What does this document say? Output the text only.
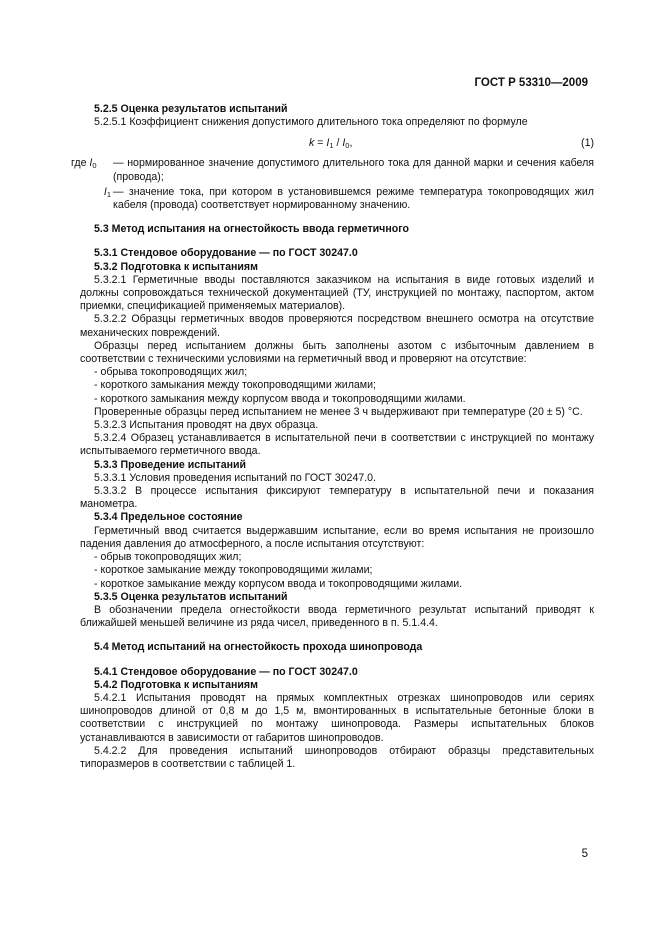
ГОСТ Р 53310—2009

5.2.5 Оценка результатов испытаний

5.2.5.1 Коэффициент снижения допустимого длительного тока определяют по формуле

$k = I_1 / I_0$,	(1)
где $I_0$	— нормированное значение допустимого длительного тока для данной марки и сечения кабеля (провода);
$I_1$ — значение тока, при котором в установившемся режиме температура токопроводящих жил кабеля (провода) соответствует нормированному значению.

5.3 Метод испытания на огнестойкость ввода герметичного

5.3.1 Стендовое оборудование — по ГОСТ 30247.0

5.3.2 Подготовка к испытаниям

5.3.2.1 Герметичные вводы поставляются заказчиком на испытания в виде готовых изделий и должны сопровождаться технической документацией (ТУ, инструкцией по монтажу, паспортом, актом приемки, спецификацией применяемых материалов).

5.3.2.2 Образцы герметичных вводов проверяются посредством внешнего осмотра на отсутствие механических повреждений.

Образцы перед испытанием должны быть заполнены азотом с избыточным давлением в соответствии с техническими условиями на герметичный ввод и проверяют на отсутствие:

- обрыва токопроводящих жил;

- короткого замыкания между токопроводящими жилами;

- короткого замыкания между корпусом ввода и токопроводящими жилами.

Проверенные образцы перед испытанием не менее 3 ч выдерживают при температуре (20 ± 5) °С.

5.3.2.3 Испытания проводят на двух образца.

5.3.2.4 Образец устанавливается в испытательной печи в соответствии с инструкцией по монтажу испытываемого герметичного ввода.

5.3.3 Проведение испытаний

5.3.3.1 Условия проведения испытаний по ГОСТ 30247.0.

5.3.3.2 В процессе испытания фиксируют температуру в испытательной печи и показания манометра.

5.3.4 Предельное состояние

Герметичный ввод считается выдержавшим испытание, если во время испытания не произошло падения давления до атмосферного, а после испытания отсутствуют:

- обрыв токопроводящих жил;

- короткое замыкание между токопроводящими жилами;

- короткое замыкание между корпусом ввода и токопроводящими жилами.

5.3.5 Оценка результатов испытаний

В обозначении предела огнестойкости ввода герметичного результат испытаний приводят к ближайшей меньшей величине из ряда чисел, приведенного в п. 5.1.4.4.

5.4 Метод испытаний на огнестойкость прохода шинопровода

5.4.1 Стендовое оборудование — по ГОСТ 30247.0

5.4.2 Подготовка к испытаниям

5.4.2.1 Испытания проводят на прямых комплектных отрезках шинопроводов или сериях шинопроводов длиной от 0,8 м до 1,5 м, вмонтированных в испытательные бетонные блоки в соответствии с инструкцией по монтажу шинопровода. Размеры испытательных блоков устанавливаются в зависимости от габаритов шинопроводов.

5.4.2.2 Для проведения испытаний шинопроводов отбирают образцы представительных типоразмеров в соответствии с таблицей 1.

5
